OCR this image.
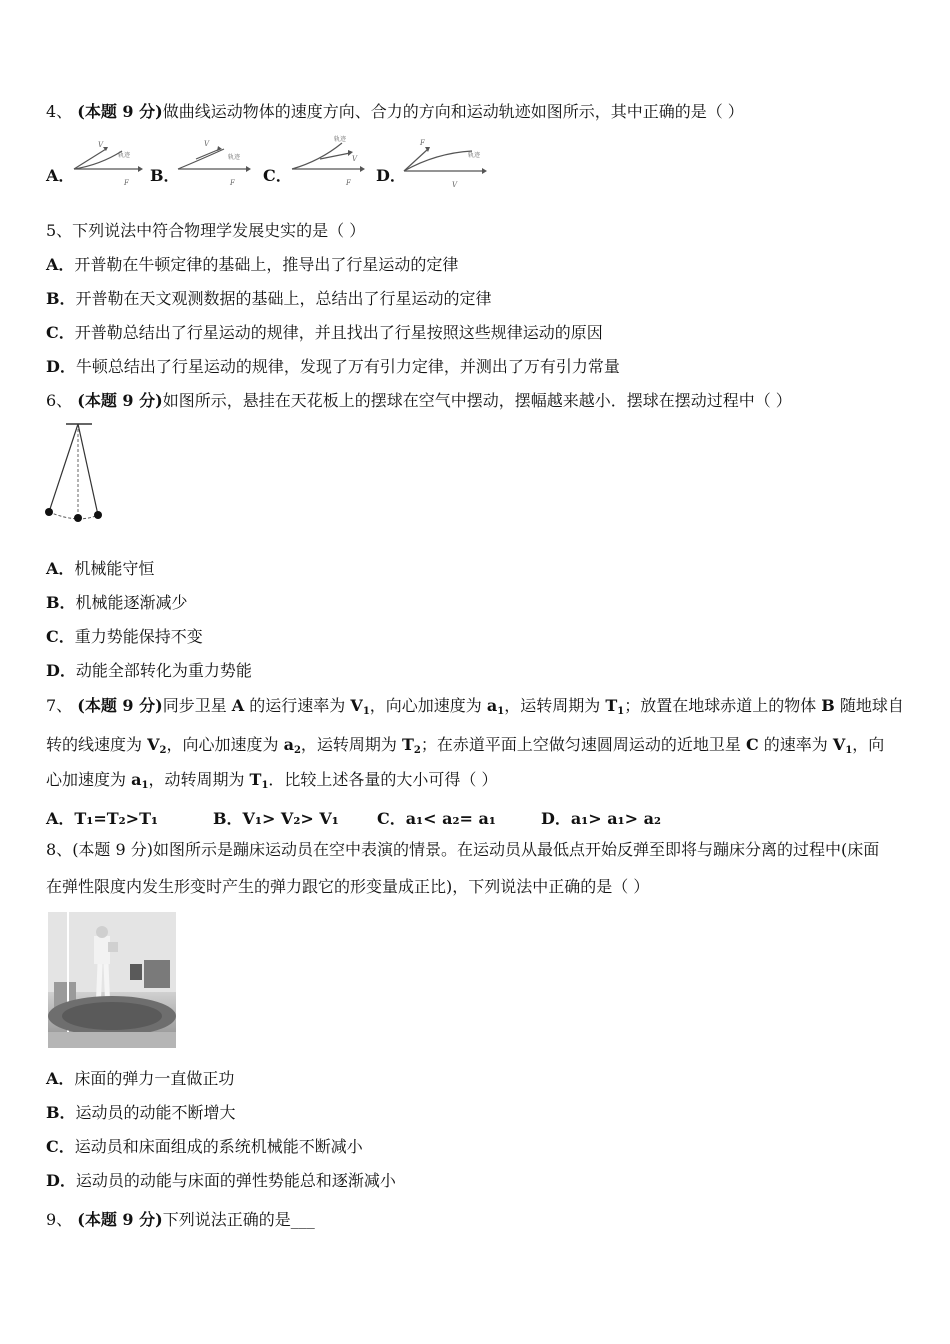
4、 (本题 9 分)做曲线运动物体的速度方向、合力的方向和运动轨迹如图所示，其中正确的是（ ）
A．
V
轨迹
F B．
V
轨迹
F C．
轨迹
V
F D．
F
轨迹
V
5、下列说法中符合物理学发展史实的是（ ）
A．开普勒在牛顿定律的基础上，推导出了行星运动的定律
B．开普勒在天文观测数据的基础上，总结出了行星运动的定律
C．开普勒总结出了行星运动的规律，并且找出了行星按照这些规律运动的原因
D．牛顿总结出了行星运动的规律，发现了万有引力定律，并测出了万有引力常量
6、 (本题 9 分)如图所示，悬挂在天花板上的摆球在空气中摆动，摆幅越来越小．摆球在摆动过程中（ ）
A．机械能守恒
B．机械能逐渐减少
C．重力势能保持不变
D．动能全部转化为重力势能
7、 (本题 9 分)同步卫星 A 的运行速率为 $V_1$，向心加速度为 $a_1$，运转周期为 $T_1$；放置在地球赤道上的物体 B 随地球自
转的线速度为 $V_2$，向心加速度为 $a_2$，运转周期为 $T_2$；在赤道平面上空做匀速圆周运动的近地卫星 C 的速率为 $V_1$，向
心加速度为 $a_1$，动转周期为 $T_1$．比较上述各量的大小可得（ ）
A．T₁=T₂>T₁	B．V₁> V₂> V₁ C．a₁< a₂= a₁	D．a₁> a₁> a₂
8、(本题 9 分)如图所示是蹦床运动员在空中表演的情景。在运动员从最低点开始反弹至即将与蹦床分离的过程中(床面
在弹性限度内发生形变时产生的弹力跟它的形变量成正比)，下列说法中正确的是（ ）
A．床面的弹力一直做正功
B．运动员的动能不断增大
C．运动员和床面组成的系统机械能不断减小
D．运动员的动能与床面的弹性势能总和逐渐减小
9、 (本题 9 分)下列说法正确的是___
